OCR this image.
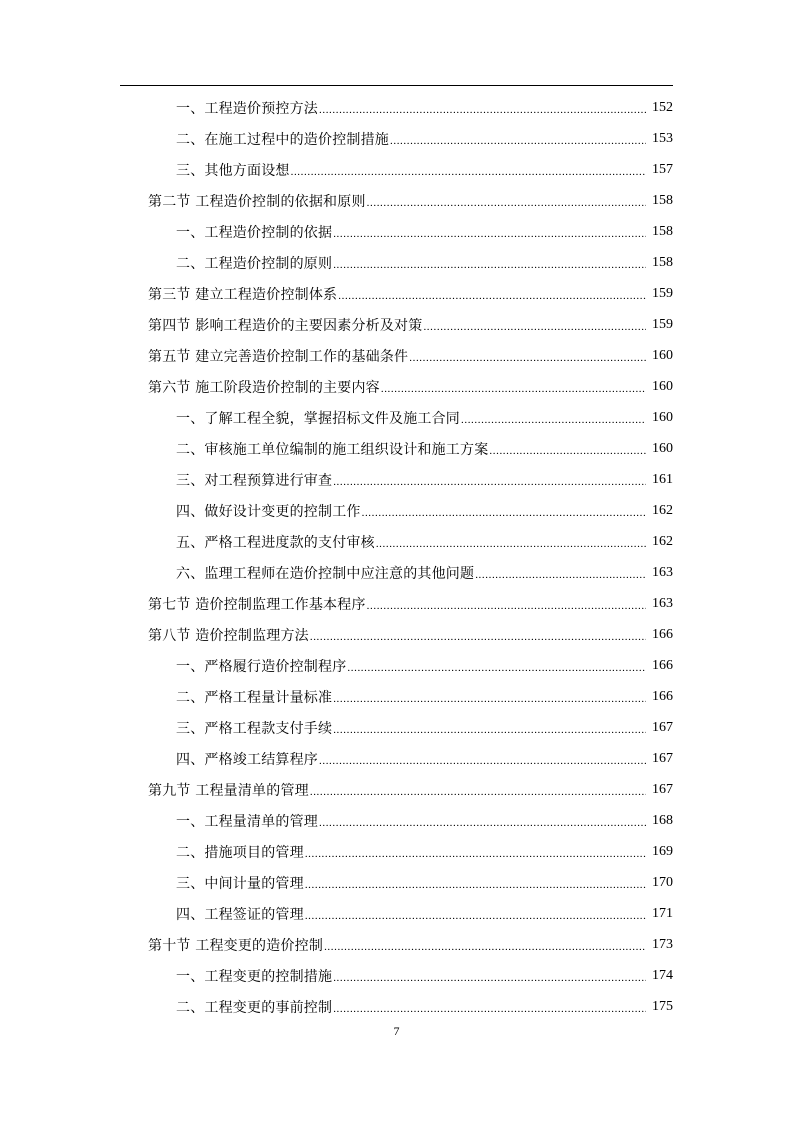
一、工程造价预控方法 .....	152
二、在施工过程中的造价控制措施 .....	153
三、其他方面设想 .....	157
第二节 工程造价控制的依据和原则 .....	158
一、工程造价控制的依据 .....	158
二、工程造价控制的原则 .....	158
第三节 建立工程造价控制体系 .....	159
第四节 影响工程造价的主要因素分析及对策 .....	159
第五节 建立完善造价控制工作的基础条件 .....	160
第六节 施工阶段造价控制的主要内容 .....	160
一、了解工程全貌，掌握招标文件及施工合同 .....	160
二、审核施工单位编制的施工组织设计和施工方案 .....	160
三、对工程预算进行审查 .....	161
四、做好设计变更的控制工作 .....	162
五、严格工程进度款的支付审核 .....	162
六、监理工程师在造价控制中应注意的其他问题 .....	163
第七节 造价控制监理工作基本程序 .....	163
第八节 造价控制监理方法 .....	166
一、严格履行造价控制程序 .....	166
二、严格工程量计量标准 .....	166
三、严格工程款支付手续 .....	167
四、严格竣工结算程序 .....	167
第九节 工程量清单的管理 .....	167
一、工程量清单的管理 .....	168
二、措施项目的管理 .....	169
三、中间计量的管理 .....	170
四、工程签证的管理 .....	171
第十节 工程变更的造价控制 .....	173
一、工程变更的控制措施 .....	174
二、工程变更的事前控制 .....	175
7
